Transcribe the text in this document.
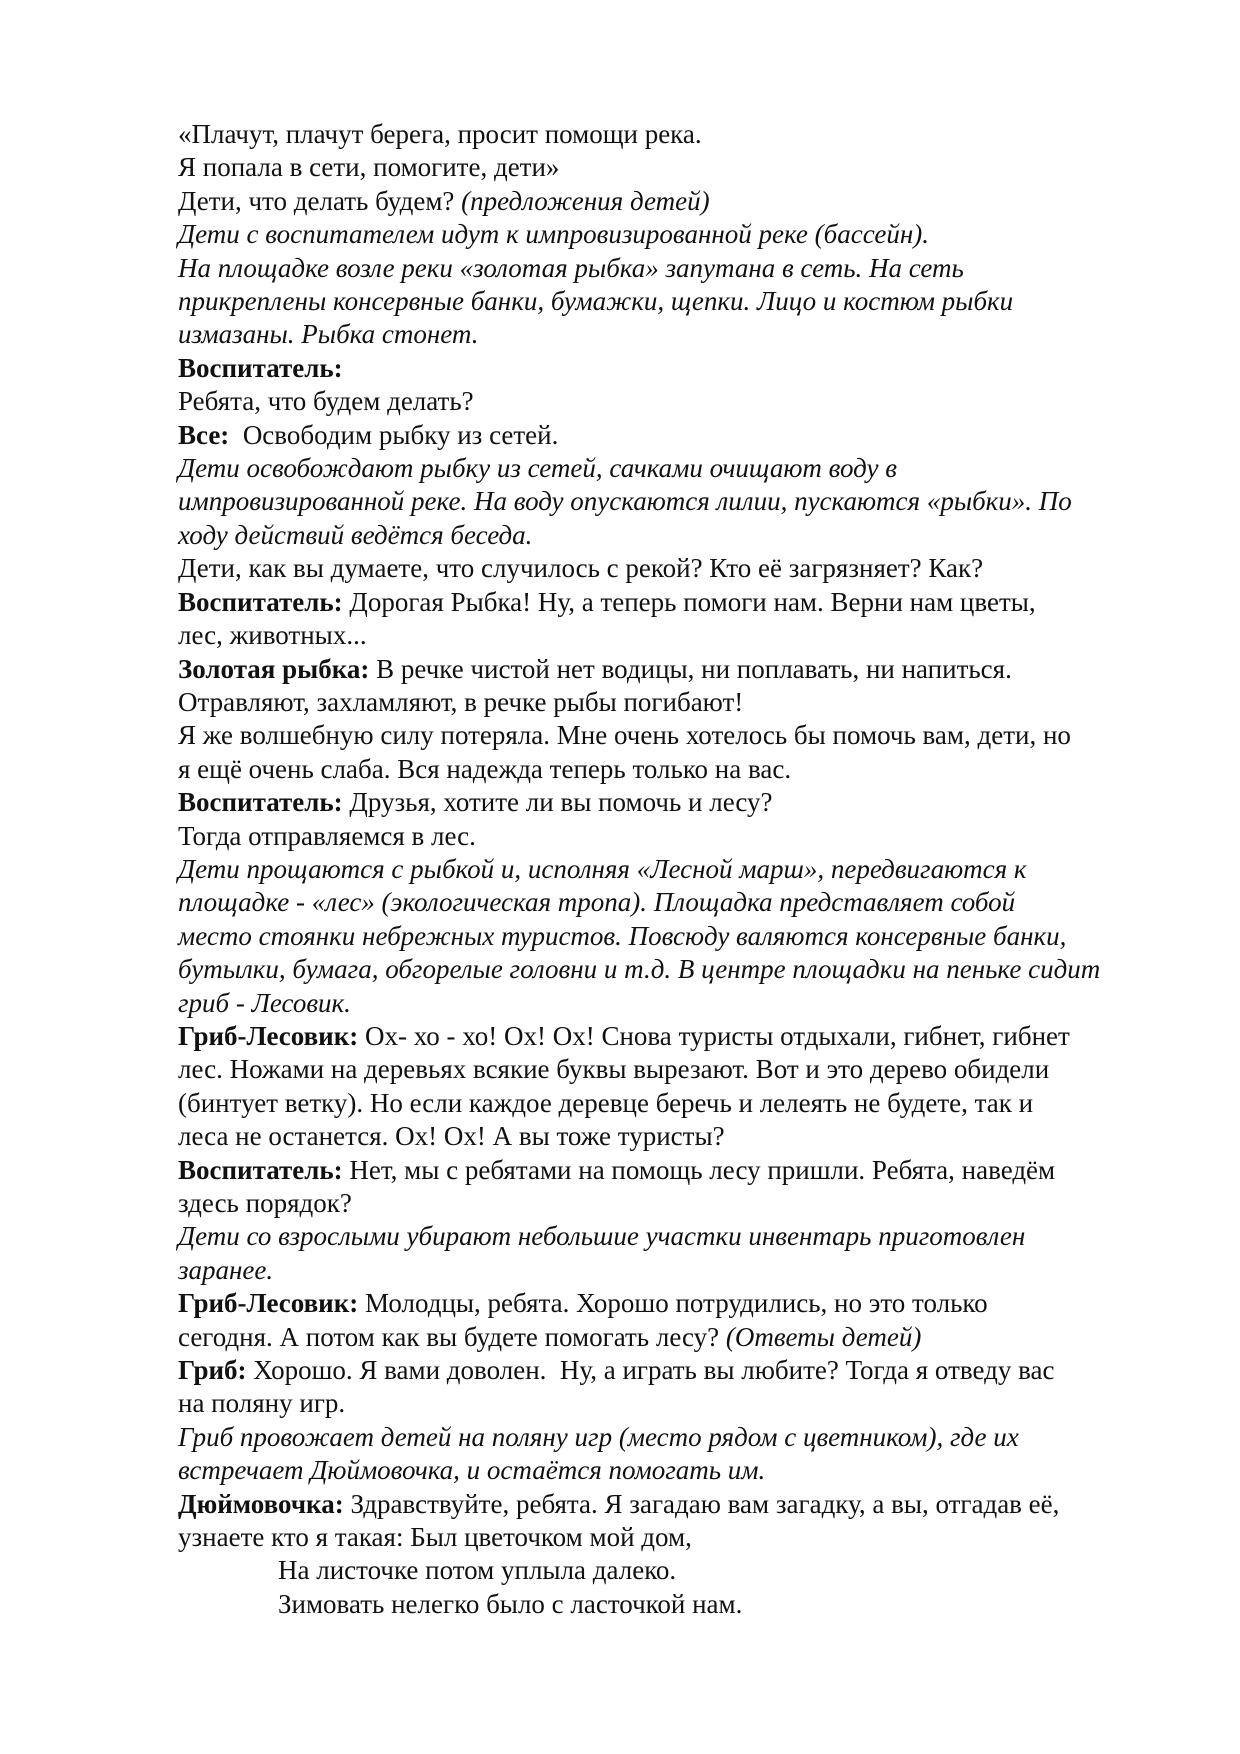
«Плачут, плачут берега, просит помощи река.
Я попала в сети, помогите, дети»
Дети, что делать будем? (предложения детей)
Дети с воспитателем идут к импровизированной реке (бассейн).
На площадке возле реки «золотая рыбка» запутана в сеть. На сеть
прикреплены консервные банки, бумажки, щепки. Лицо и костюм рыбки
измазаны. Рыбка стонет.
Воспитатель:
Ребята, что будем делать?
Все:  Освободим рыбку из сетей.
Дети освобождают рыбку из сетей, сачками очищают воду в
импровизированной реке. На воду опускаются лилии, пускаются «рыбки». По
ходу действий ведётся беседа.
Дети, как вы думаете, что случилось с рекой? Кто её загрязняет? Как?
Воспитатель: Дорогая Рыбка! Ну, а теперь помоги нам. Верни нам цветы,
лес, животных...
Золотая рыбка: В речке чистой нет водицы, ни поплавать, ни напиться.
Отравляют, захламляют, в речке рыбы погибают!
Я же волшебную силу потеряла. Мне очень хотелось бы помочь вам, дети, но
я ещё очень слаба. Вся надежда теперь только на вас.
Воспитатель: Друзья, хотите ли вы помочь и лесу?
Тогда отправляемся в лес.
Дети прощаются с рыбкой и, исполняя «Лесной марш», передвигаются к
площадке - «лес» (экологическая тропа). Площадка представляет собой
место стоянки небрежных туристов. Повсюду валяются консервные банки,
бутылки, бумага, обгорелые головни и т.д. В центре площадки на пеньке сидит
гриб - Лесовик.
Гриб-Лесовик: Ох- хо - хо! Ох! Ох! Снова туристы отдыхали, гибнет, гибнет
лес. Ножами на деревьях всякие буквы вырезают. Вот и это дерево обидели
(бинтует ветку). Но если каждое деревце беречь и лелеять не будете, так и
леса не останется. Ох! Ох! А вы тоже туристы?
Воспитатель: Нет, мы с ребятами на помощь лесу пришли. Ребята, наведём
здесь порядок?
Дети со взрослыми убирают небольшие участки инвентарь приготовлен
заранее.
Гриб-Лесовик: Молодцы, ребята. Хорошо потрудились, но это только
сегодня. А потом как вы будете помогать лесу? (Ответы детей)
Гриб: Хорошо. Я вами доволен.  Ну, а играть вы любите? Тогда я отведу вас
на поляну игр.
Гриб провожает детей на поляну игр (место рядом с цветником), где их
встречает Дюймовочка, и остаётся помогать им.
Дюймовочка: Здравствуйте, ребята. Я загадаю вам загадку, а вы, отгадав её,
узнаете кто я такая: Был цветочком мой дом,
На листочке потом уплыла далеко.
Зимовать нелегко было с ласточкой нам.
